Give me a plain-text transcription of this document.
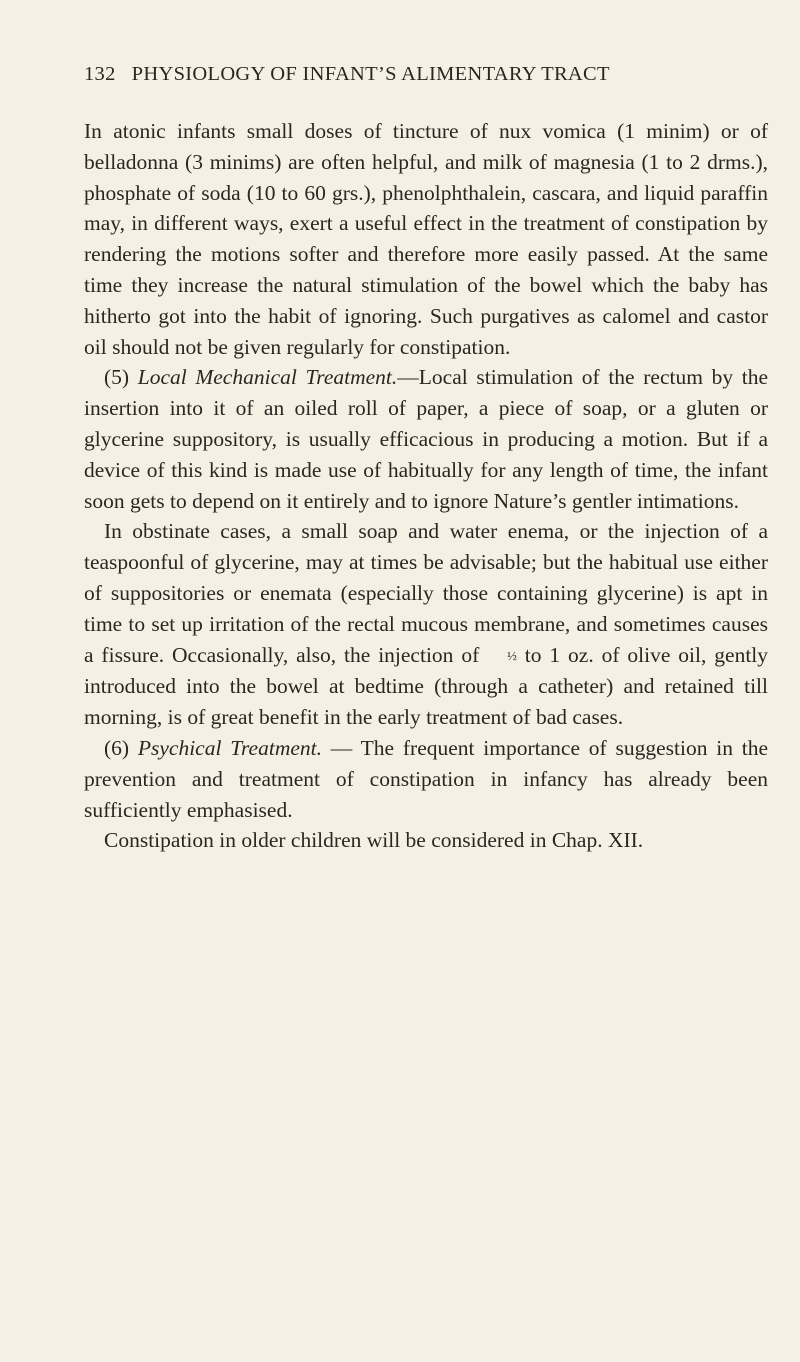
132 PHYSIOLOGY OF INFANT’S ALIMENTARY TRACT

In atonic infants small doses of tincture of nux vomica (1 minim) or of belladonna (3 minims) are often helpful, and milk of magnesia (1 to 2 drms.), phosphate of soda (10 to 60 grs.), phenolphthalein, cascara, and liquid paraffin may, in different ways, exert a useful effect in the treatment of constipation by rendering the motions softer and therefore more easily passed. At the same time they increase the natural stimulation of the bowel which the baby has hitherto got into the habit of ignoring. Such purgatives as calomel and castor oil should not be given regularly for constipation.

(5) Local Mechanical Treatment.—Local stimulation of the rectum by the insertion into it of an oiled roll of paper, a piece of soap, or a gluten or glycerine suppository, is usually efficacious in producing a motion. But if a device of this kind is made use of habitually for any length of time, the infant soon gets to depend on it entirely and to ignore Nature’s gentler intimations.

In obstinate cases, a small soap and water enema, or the injection of a teaspoonful of glycerine, may at times be advisable; but the habitual use either of suppositories or enemata (especially those containing glycerine) is apt in time to set up irritation of the rectal mucous membrane, and sometimes causes a fissure. Occasionally, also, the injection of ½ to 1 oz. of olive oil, gently introduced into the bowel at bedtime (through a catheter) and retained till morning, is of great benefit in the early treatment of bad cases.

(6) Psychical Treatment. — The frequent importance of suggestion in the prevention and treatment of constipation in infancy has already been sufficiently emphasised.

Constipation in older children will be considered in Chap. XII.
